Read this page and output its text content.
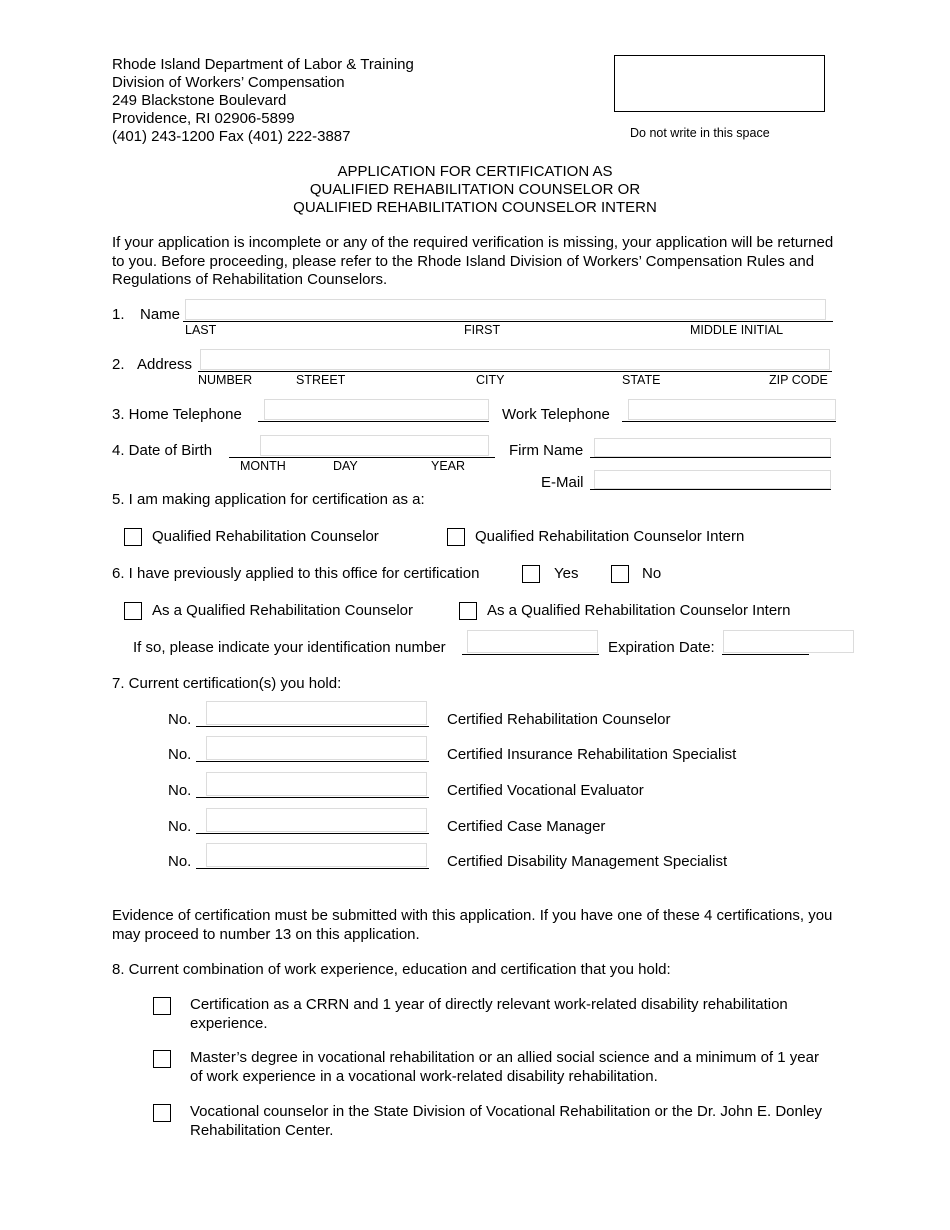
Rhode Island Department of Labor & Training
Division of Workers’ Compensation
249 Blackstone Boulevard
Providence, RI 02906-5899
(401) 243-1200 Fax (401) 222-3887	Do not write in this space
APPLICATION FOR CERTIFICATION AS
QUALIFIED REHABILITATION COUNSELOR OR
QUALIFIED REHABILITATION COUNSELOR INTERN
If your application is incomplete or any of the required verification is missing, your application will be returned to you. Before proceeding, please refer to the Rhode Island Division of Workers’ Compensation Rules and Regulations of Rehabilitation Counselors.
1. Name
LAST	FIRST	MIDDLE INITIAL
2. Address
NUMBER	STREET	CITY	STATE	ZIP CODE
3. Home Telephone	Work Telephone
4. Date of Birth
MONTH	DAY	YEAR
Firm Name
E-Mail
5. I am making application for certification as a:
Qualified Rehabilitation Counselor	Qualified Rehabilitation Counselor Intern
6. I have previously applied to this office for certification	Yes	No
As a Qualified Rehabilitation Counselor	As a Qualified Rehabilitation Counselor Intern
If so, please indicate your identification number	Expiration Date:
7. Current certification(s) you hold:
No.	Certified Rehabilitation Counselor
No.	Certified Insurance Rehabilitation Specialist
No.	Certified Vocational Evaluator
No.	Certified Case Manager
No.	Certified Disability Management Specialist
Evidence of certification must be submitted with this application. If you have one of these 4 certifications, you may proceed to number 13 on this application.
8. Current combination of work experience, education and certification that you hold:
Certification as a CRRN and 1 year of directly relevant work-related disability rehabilitation experience.
Master’s degree in vocational rehabilitation or an allied social science and a minimum of 1 year of work experience in a vocational work-related disability rehabilitation.
Vocational counselor in the State Division of Vocational Rehabilitation or the Dr. John E. Donley Rehabilitation Center.
